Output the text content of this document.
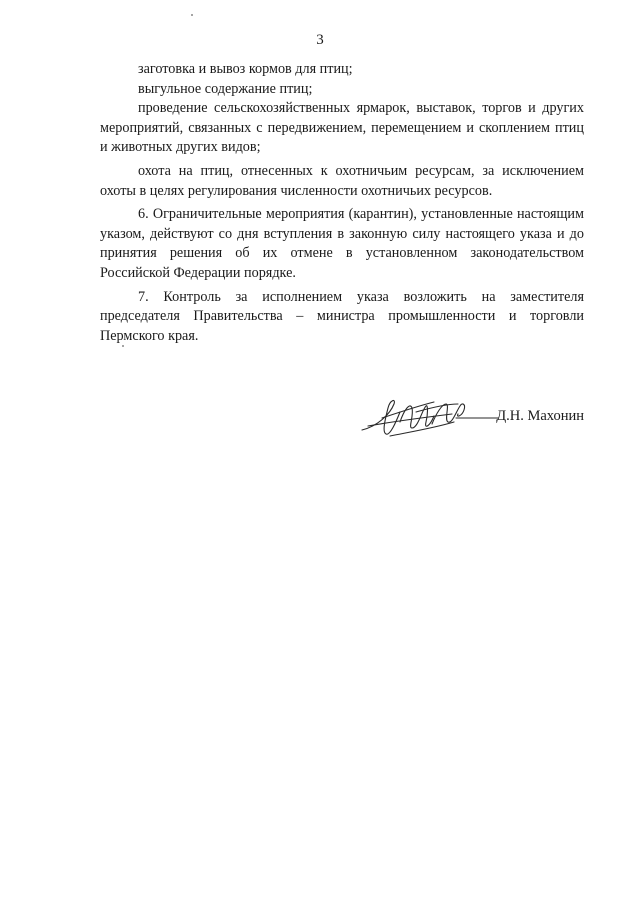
3

заготовка и вывоз кормов для птиц;

выгульное содержание птиц;

проведение сельскохозяйственных ярмарок, выставок, торгов и других мероприятий, связанных с передвижением, перемещением и скоплением птиц и животных других видов;

охота на птиц, отнесенных к охотничьим ресурсам, за исключением охоты в целях регулирования численности охотничьих ресурсов.

6. Ограничительные мероприятия (карантин), установленные настоящим указом, действуют со дня вступления в законную силу настоящего указа и до принятия решения об их отмене в установленном законодательством Российской Федерации порядке.

7. Контроль за исполнением указа возложить на заместителя председателя Правительства – министра промышленности и торговли Пермского края.

Д.Н. Махонин
